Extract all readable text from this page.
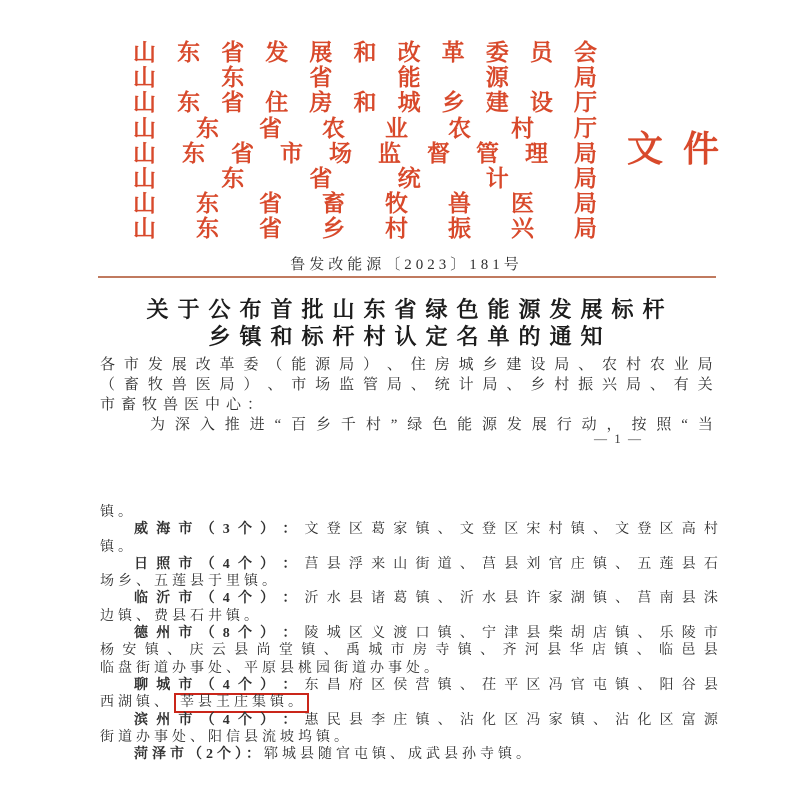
山 东 省 发 展 和 改 革 委 员 会
山	东	省	能	源	局
山 东 省 住 房 和 城 乡 建 设 厅
山 东 省 农 业 农 村 厅
山 东 省 市 场 监 督 管 理 局
山	东	省	统	计	局
山 东 省 畜 牧 兽 医 局
山 东 省 乡 村 振 兴 局
文件
鲁发改能源〔2023〕181号
关于公布首批山东省绿色能源发展标杆
乡镇和标杆村认定名单的通知
各 市 发 展 改 革 委 （ 能 源 局 ） 、 住 房 城 乡 建 设 局 、 农 村 农 业 局
（ 畜 牧 兽 医 局 ） 、 市 场 监 管 局 、 统 计 局 、 乡 村 振 兴 局 、 有 关
市畜牧兽医中心：
为 深 入 推 进 “ 百 乡 千 村 ” 绿 色 能 源 发 展 行 动 ， 按 照 “ 当
— 1 —
镇。
威 海 市 （ 3 个 ） ： 文 登 区 葛 家 镇 、 文 登 区 宋 村 镇 、 文 登 区 高 村
镇。
日 照 市 （ 4 个 ） ： 莒 县 浮 来 山 街 道 、 莒 县 刘 官 庄 镇 、 五 莲 县 石
场乡、五莲县于里镇。
临 沂 市 （ 4 个 ） ： 沂 水 县 诸 葛 镇 、 沂 水 县 许 家 湖 镇 、 莒 南 县 洙
边镇、费县石井镇。
德 州 市 （ 8 个 ） ： 陵 城 区 义 渡 口 镇 、 宁 津 县 柴 胡 店 镇 、 乐 陵 市
杨 安 镇 、 庆 云 县 尚 堂 镇 、 禹 城 市 房 寺 镇 、 齐 河 县 华 店 镇 、 临 邑 县
临盘街道办事处、平原县桃园街道办事处。
聊 城 市 （ 4 个 ） ： 东 昌 府 区 侯 营 镇 、 茌 平 区 冯 官 屯 镇 、 阳 谷 县
西湖镇、 莘县王庄集镇。
滨 州 市 （ 4 个 ） ： 惠 民 县 李 庄 镇 、 沾 化 区 冯 家 镇 、 沾 化 区 富 源
街道办事处、阳信县流坡坞镇。
菏泽市（2个）：郓城县随官屯镇、成武县孙寺镇。
